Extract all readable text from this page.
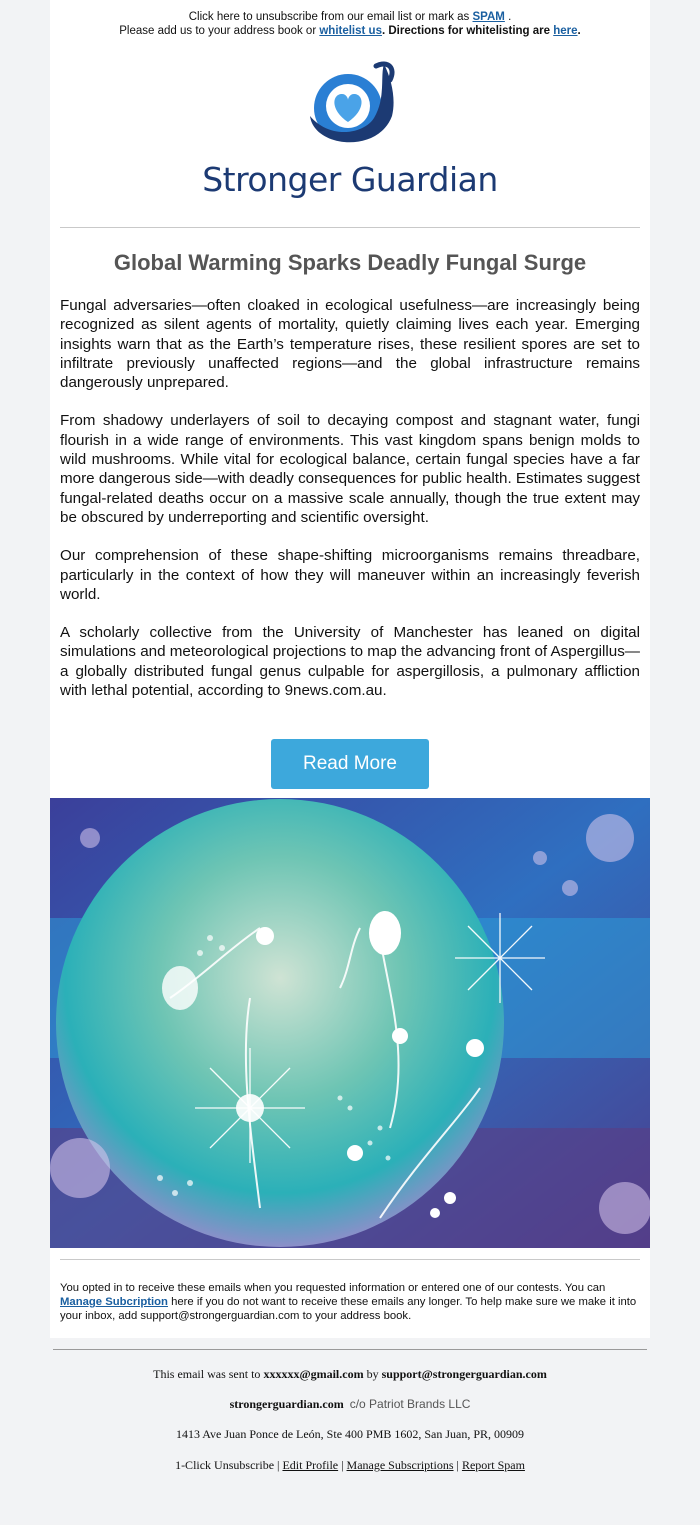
Click here to unsubscribe from our email list or mark as SPAM .
Please add us to your address book or whitelist us. Directions for whitelisting are here.
Stronger Guardian
Global Warming Sparks Deadly Fungal Surge

Fungal adversaries—often cloaked in ecological usefulness—are increasingly being recognized as silent agents of mortality, quietly claiming lives each year. Emerging insights warn that as the Earth’s temperature rises, these resilient spores are set to infiltrate previously unaffected regions—and the global infrastructure remains dangerously unprepared.

From shadowy underlayers of soil to decaying compost and stagnant water, fungi flourish in a wide range of environments. This vast kingdom spans benign molds to wild mushrooms. While vital for ecological balance, certain fungal species have a far more dangerous side—with deadly consequences for public health. Estimates suggest fungal-related deaths occur on a massive scale annually, though the true extent may be obscured by underreporting and scientific oversight.

Our comprehension of these shape-shifting microorganisms remains threadbare, particularly in the context of how they will maneuver within an increasingly feverish world.

A scholarly collective from the University of Manchester has leaned on digital simulations and meteorological projections to map the advancing front of Aspergillus—a globally distributed fungal genus culpable for aspergillosis, a pulmonary affliction with lethal potential, according to 9news.com.au.

Read More
You opted in to receive these emails when you requested information or entered one of our contests. You can Manage Subcription here if you do not want to receive these emails any longer. To help make sure we make it into your inbox, add support@strongerguardian.com to your address book.
This email was sent to xxxxxx@gmail.com by support@strongerguardian.com
strongerguardian.com c/o Patriot Brands LLC
1413 Ave Juan Ponce de León, Ste 400 PMB 1602, San Juan, PR, 00909
1-Click Unsubscribe | Edit Profile | Manage Subscriptions | Report Spam
